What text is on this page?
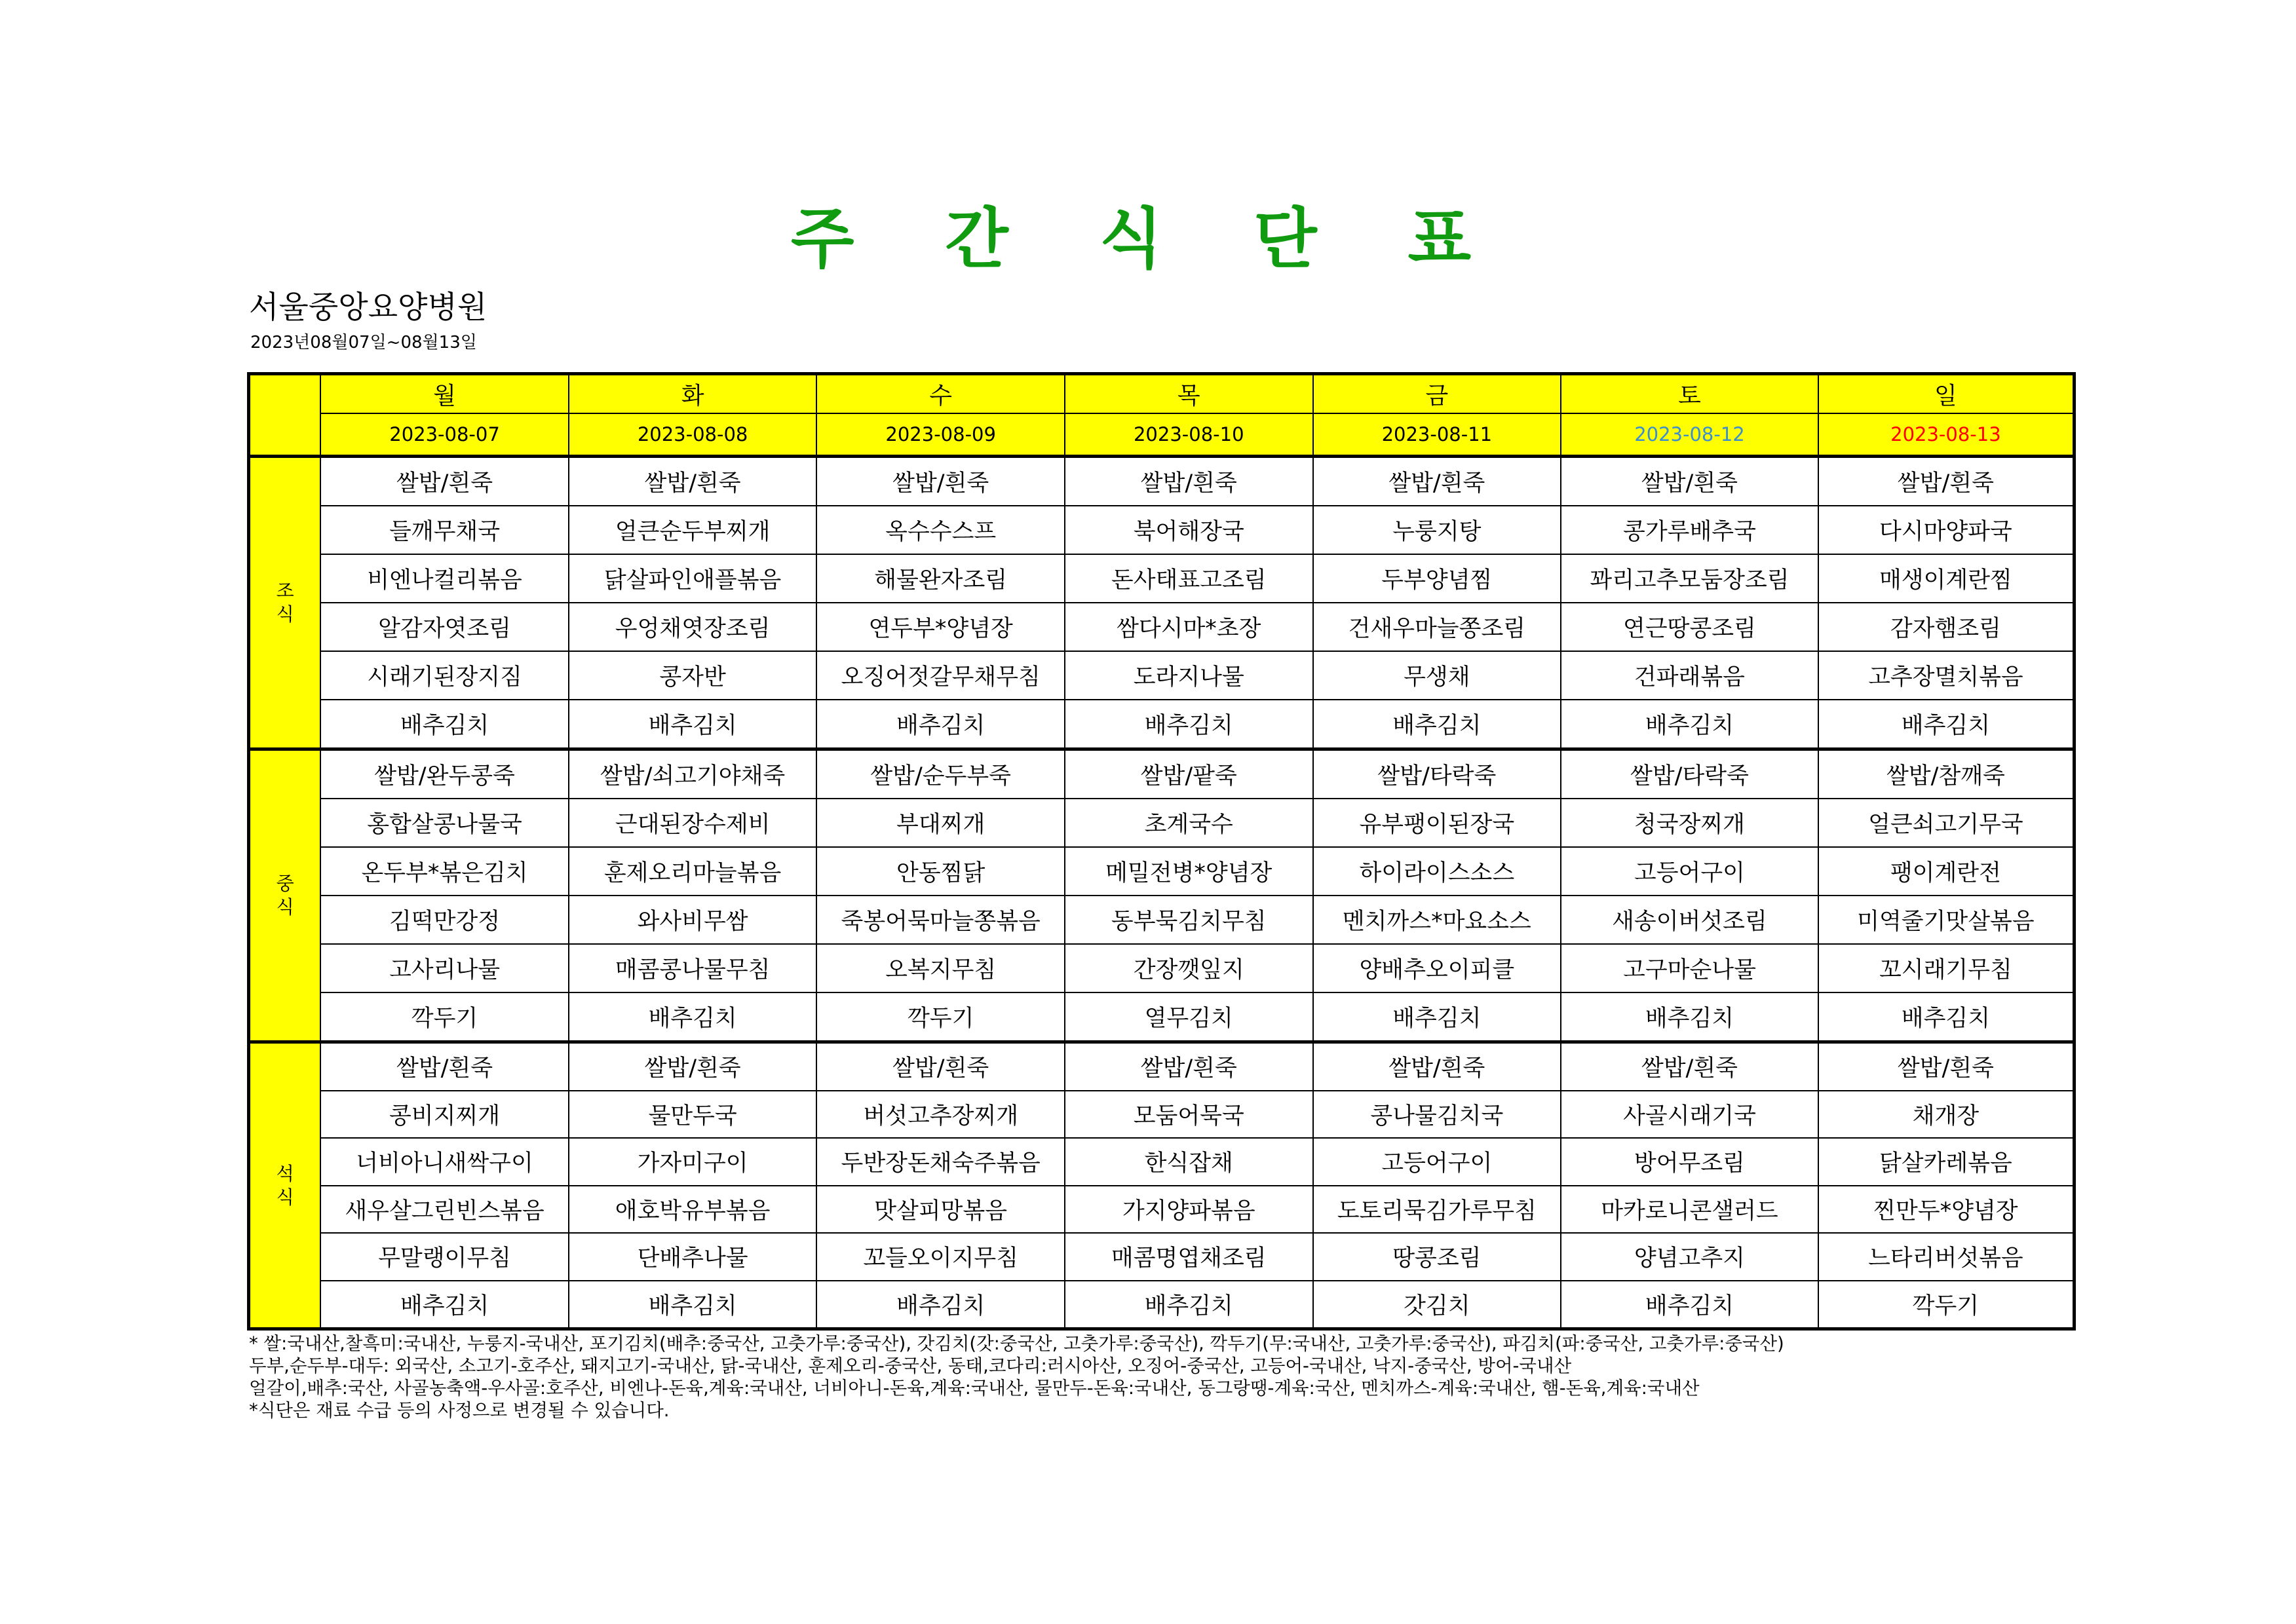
주 간 식 단 표
서울중앙요양병원
2023년08월07일~08월13일
	월	화	수	목	금	토	일
	2023-08-07	2023-08-08	2023-08-09	2023-08-10	2023-08-11	2023-08-12	2023-08-13

조
식	쌀밥/흰죽	쌀밥/흰죽	쌀밥/흰죽	쌀밥/흰죽	쌀밥/흰죽	쌀밥/흰죽	쌀밥/흰죽
	들깨무채국	얼큰순두부찌개	옥수수스프	북어해장국	누룽지탕	콩가루배추국	다시마양파국
	비엔나컬리볶음	닭살파인애플볶음	해물완자조림	돈사태표고조림	두부양념찜	꽈리고추모둠장조림	매생이계란찜
	알감자엿조림	우엉채엿장조림	연두부*양념장	쌈다시마*초장	건새우마늘쫑조림	연근땅콩조림	감자햄조림
	시래기된장지짐	콩자반	오징어젓갈무채무침	도라지나물	무생채	건파래볶음	고추장멸치볶음
	배추김치	배추김치	배추김치	배추김치	배추김치	배추김치	배추김치

중
식	쌀밥/완두콩죽	쌀밥/쇠고기야채죽	쌀밥/순두부죽	쌀밥/팥죽	쌀밥/타락죽	쌀밥/타락죽	쌀밥/참깨죽
	홍합살콩나물국	근대된장수제비	부대찌개	초계국수	유부팽이된장국	청국장찌개	얼큰쇠고기무국
	온두부*볶은김치	훈제오리마늘볶음	안동찜닭	메밀전병*양념장	하이라이스소스	고등어구이	팽이계란전
	김떡만강정	와사비무쌈	죽봉어묵마늘쫑볶음	동부묵김치무침	멘치까스*마요소스	새송이버섯조림	미역줄기맛살볶음
	고사리나물	매콤콩나물무침	오복지무침	간장깻잎지	양배추오이피클	고구마순나물	꼬시래기무침
	깍두기	배추김치	깍두기	열무김치	배추김치	배추김치	배추김치

석
식	쌀밥/흰죽	쌀밥/흰죽	쌀밥/흰죽	쌀밥/흰죽	쌀밥/흰죽	쌀밥/흰죽	쌀밥/흰죽
	콩비지찌개	물만두국	버섯고추장찌개	모둠어묵국	콩나물김치국	사골시래기국	채개장
	너비아니새싹구이	가자미구이	두반장돈채숙주볶음	한식잡채	고등어구이	방어무조림	닭살카레볶음
	새우살그린빈스볶음	애호박유부볶음	맛살피망볶음	가지양파볶음	도토리묵김가루무침	마카로니콘샐러드	찐만두*양념장
	무말랭이무침	단배추나물	꼬들오이지무침	매콤명엽채조림	땅콩조림	양념고추지	느타리버섯볶음
	배추김치	배추김치	배추김치	배추김치	갓김치	배추김치	깍두기
* 쌀:국내산,찰흑미:국내산, 누룽지-국내산, 포기김치(배추:중국산, 고춧가루:중국산), 갓김치(갓:중국산, 고춧가루:중국산), 깍두기(무:국내산, 고춧가루:중국산), 파김치(파:중국산, 고춧가루:중국산)
두부,순두부-대두: 외국산, 소고기-호주산, 돼지고기-국내산, 닭-국내산, 훈제오리-중국산, 동태,코다리:러시아산, 오징어-중국산, 고등어-국내산, 낙지-중국산, 방어-국내산
얼갈이,배추:국산, 사골농축액-우사골:호주산, 비엔나-돈육,계육:국내산, 너비아니-돈육,계육:국내산, 물만두-돈육:국내산, 동그랑땡-계육:국산, 멘치까스-계육:국내산, 햄-돈육,계육:국내산
*식단은 재료 수급 등의 사정으로 변경될 수 있습니다.
